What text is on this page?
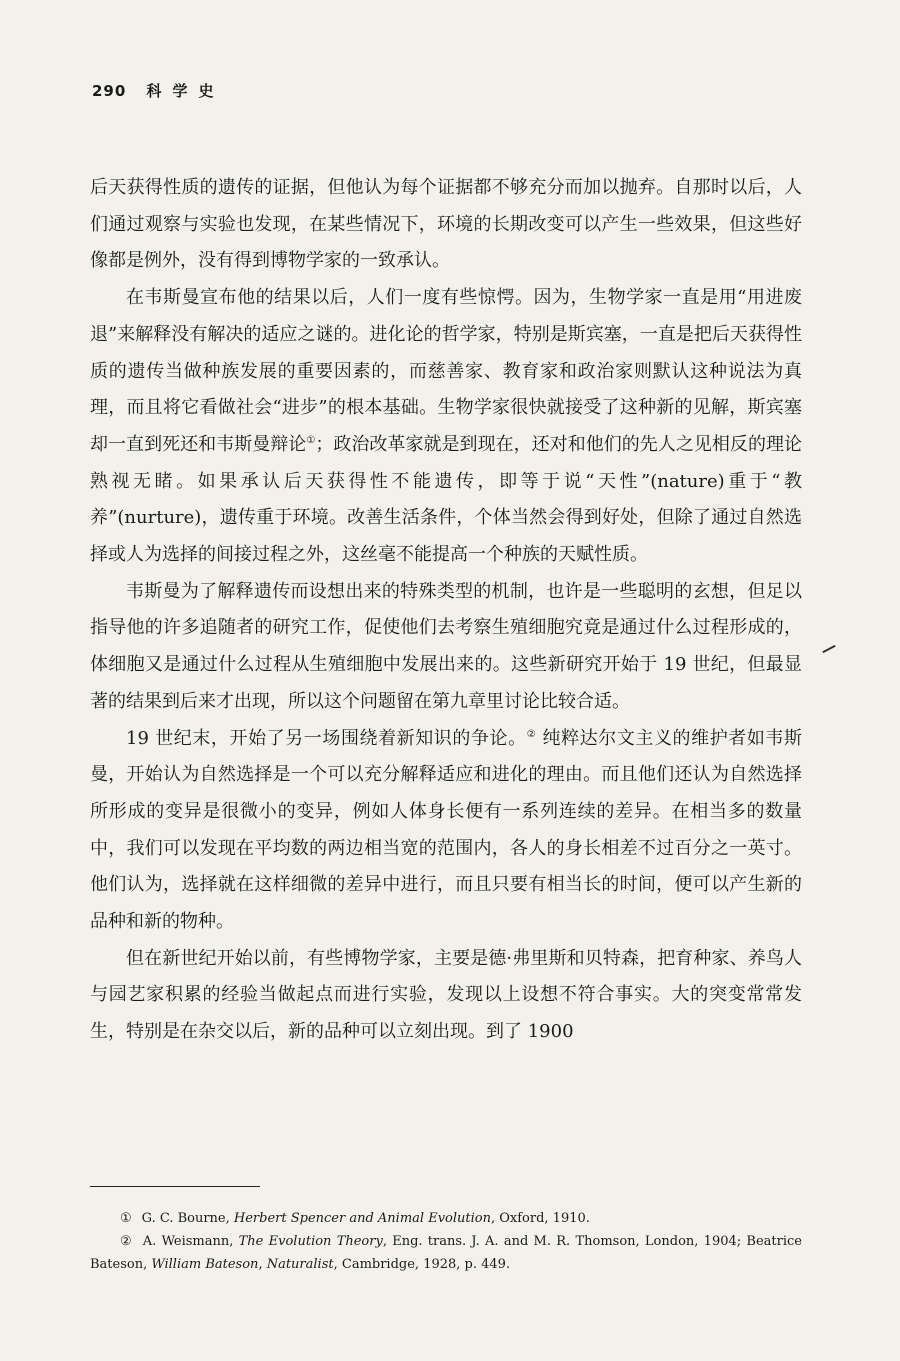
290 科学史

后天获得性质的遗传的证据，但他认为每个证据都不够充分而加以抛弃。自那时以后，人们通过观察与实验也发现，在某些情况下，环境的长期改变可以产生一些效果，但这些好像都是例外，没有得到博物学家的一致承认。

在韦斯曼宣布他的结果以后，人们一度有些惊愕。因为，生物学家一直是用“用进废退”来解释没有解决的适应之谜的。进化论的哲学家，特别是斯宾塞，一直是把后天获得性质的遗传当做种族发展的重要因素的，而慈善家、教育家和政治家则默认这种说法为真理，而且将它看做社会“进步”的根本基础。生物学家很快就接受了这种新的见解，斯宾塞却一直到死还和韦斯曼辩论①；政治改革家就是到现在，还对和他们的先人之见相反的理论熟视无睹。如果承认后天获得性不能遗传，即等于说“天性”(nature)重于“教养”(nurture)，遗传重于环境。改善生活条件，个体当然会得到好处，但除了通过自然选择或人为选择的间接过程之外，这丝毫不能提高一个种族的天赋性质。

韦斯曼为了解释遗传而设想出来的特殊类型的机制，也许是一些聪明的玄想，但足以指导他的许多追随者的研究工作，促使他们去考察生殖细胞究竟是通过什么过程形成的，体细胞又是通过什么过程从生殖细胞中发展出来的。这些新研究开始于 19 世纪，但最显著的结果到后来才出现，所以这个问题留在第九章里讨论比较合适。

19 世纪末，开始了另一场围绕着新知识的争论。② 纯粹达尔文主义的维护者如韦斯曼，开始认为自然选择是一个可以充分解释适应和进化的理由。而且他们还认为自然选择所形成的变异是很微小的变异，例如人体身长便有一系列连续的差异。在相当多的数量中，我们可以发现在平均数的两边相当宽的范围内，各人的身长相差不过百分之一英寸。他们认为，选择就在这样细微的差异中进行，而且只要有相当长的时间，便可以产生新的品种和新的物种。

但在新世纪开始以前，有些博物学家，主要是德·弗里斯和贝特森，把育种家、养鸟人与园艺家积累的经验当做起点而进行实验，发现以上设想不符合事实。大的突变常常发生，特别是在杂交以后，新的品种可以立刻出现。到了 1900

① G. C. Bourne, Herbert Spencer and Animal Evolution, Oxford, 1910.

② A. Weismann, The Evolution Theory, Eng. trans. J. A. and M. R. Thomson, London, 1904; Beatrice Bateson, William Bateson, Naturalist, Cambridge, 1928, p. 449.
